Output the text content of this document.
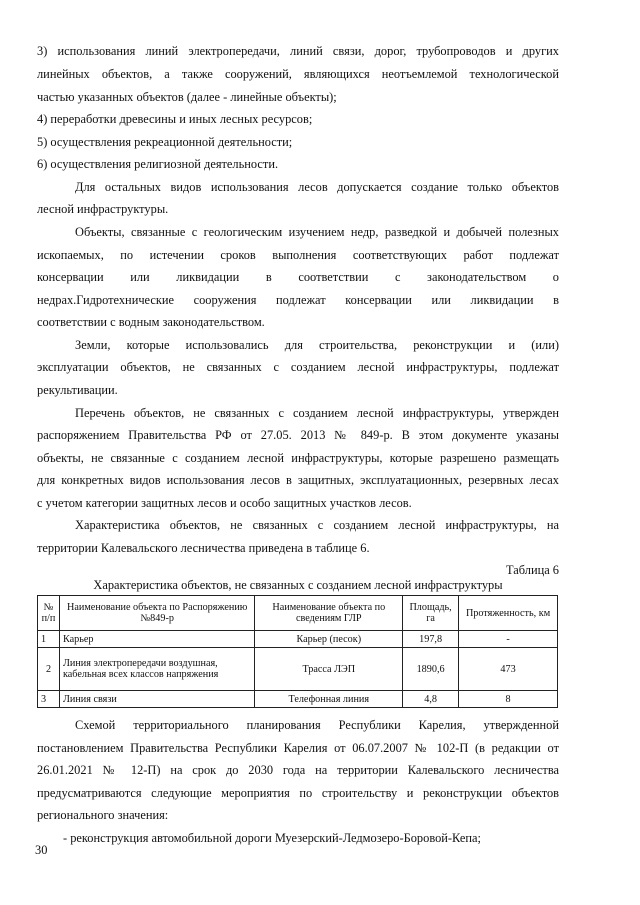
3) использования линий электропередачи, линий связи, дорог, трубопроводов и других
линейных объектов, а также сооружений, являющихся неотъемлемой технологической
частью указанных объектов (далее - линейные объекты);
4) переработки древесины и иных лесных ресурсов;
5) осуществления рекреационной деятельности;
6) осуществления религиозной деятельности.
Для остальных видов использования лесов допускается создание только объектов
лесной инфраструктуры.
Объекты, связанные с геологическим изучением недр, разведкой и добычей полезных
ископаемых, по истечении сроков выполнения соответствующих работ подлежат
консервации или ликвидации в соответствии с законодательством о
недрах.Гидротехнические сооружения подлежат консервации или ликвидации в
соответствии с водным законодательством.
Земли, которые использовались для строительства, реконструкции и (или)
эксплуатации объектов, не связанных с созданием лесной инфраструктуры, подлежат
рекультивации.
Перечень объектов, не связанных с созданием лесной инфраструктуры, утвержден
распоряжением Правительства РФ от 27.05. 2013 № 849-р. В этом документе указаны
объекты, не связанные с созданием лесной инфраструктуры, которые разрешено размещать
для конкретных видов использования лесов в защитных, эксплуатационных, резервных лесах
с учетом категории защитных лесов и особо защитных участков лесов.
Характеристика объектов, не связанных с созданием лесной инфраструктуры, на
территории Калевальского лесничества приведена в таблице 6.
Таблица 6
Характеристика объектов, не связанных с созданием лесной инфраструктуры
№ п/п	Наименование объекта по Распоряжению №849-р	Наименование объекта по сведениям ГЛР	Площадь, га	Протяженность, км
1	Карьер	Карьер (песок)	197,8	-
2	Линия электропередачи воздушная, кабельная всех классов напряжения	Трасса ЛЭП	1890,6	473
3	Линия связи	Телефонная линия	4,8	8
Схемой территориального планирования Республики Карелия, утвержденной
постановлением Правительства Республики Карелия от 06.07.2007 № 102-П (в редакции от
26.01.2021 № 12-П) на срок до 2030 года на территории Калевальского лесничества
предусматриваются следующие мероприятия по строительству и реконструкции объектов
регионального значения:
- реконструкция автомобильной дороги Муезерский-Ледмозеро-Боровой-Кепа;
30
